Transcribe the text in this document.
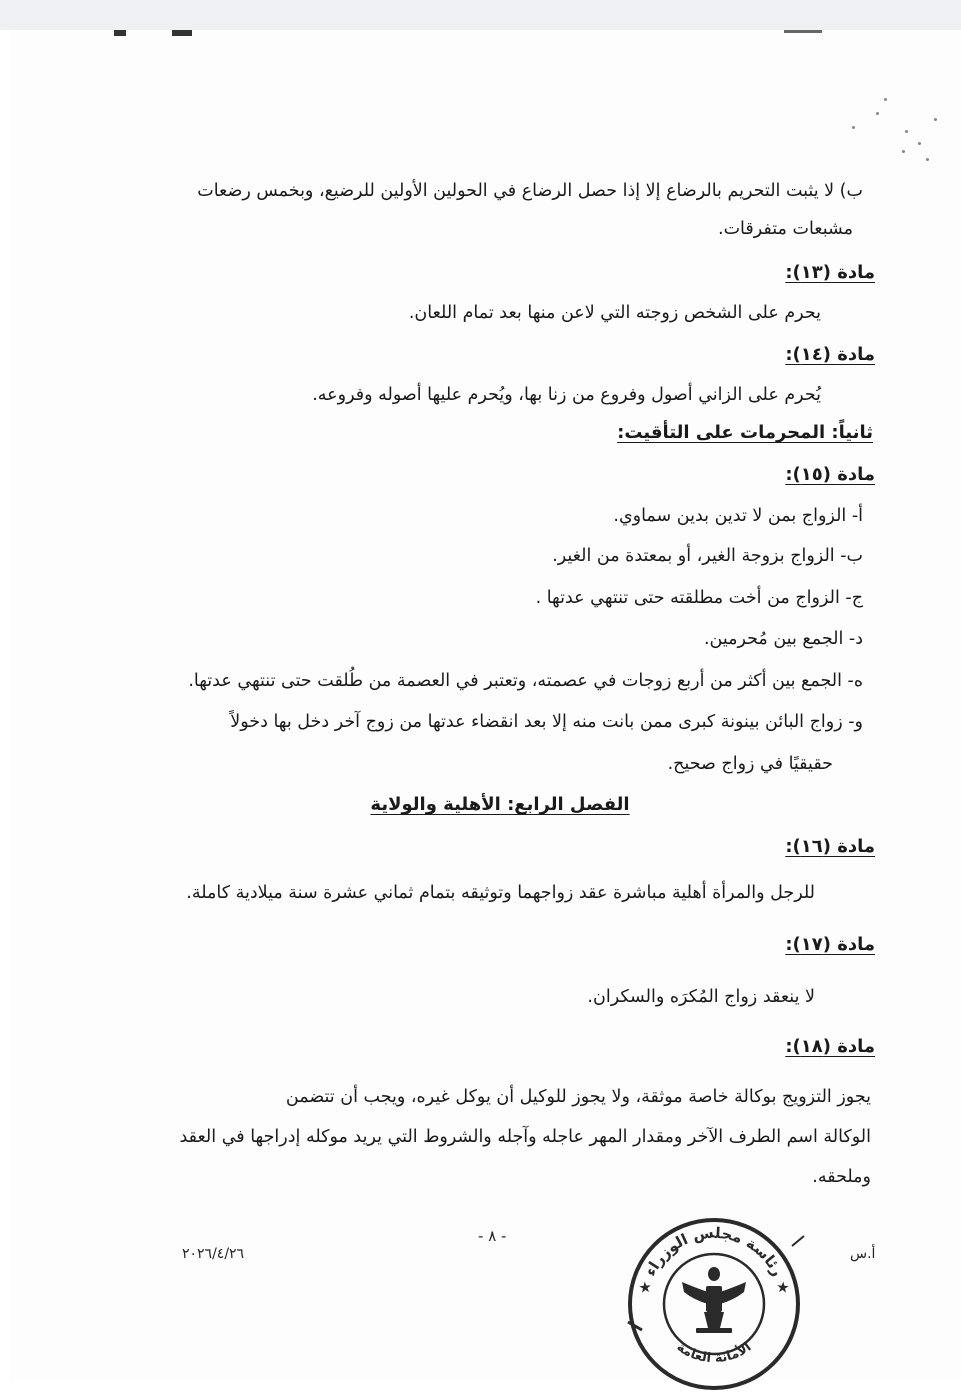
ب) لا يثبت التحريم بالرضاع إلا إذا حصل الرضاع في الحولين الأولين للرضيع، وبخمس رضعات

مشبعات متفرقات.

مادة (١٣):

يحرم على الشخص زوجته التي لاعن منها بعد تمام اللعان.

مادة (١٤):

يُحرم على الزاني أصول وفروع من زنا بها، ويُحرم عليها أصوله وفروعه.

ثانياً: المحرمات على التأقيت:

مادة (١٥):

أ- الزواج بمن لا تدين بدين سماوي.

ب- الزواج بزوجة الغير، أو بمعتدة من الغير.

ج- الزواج من أخت مطلقته حتى تنتهي عدتها .

د- الجمع بين مُحرمين.

ه- الجمع بين أكثر من أربع زوجات في عصمته، وتعتبر في العصمة من طُلقت حتى تنتهي عدتها.

و- زواج البائن بينونة كبرى ممن بانت منه إلا بعد انقضاء عدتها من زوج آخر دخل بها دخولاً

حقيقيًا في زواج صحيح.

الفصل الرابع: الأهلية والولاية

مادة (١٦):

للرجل والمرأة أهلية مباشرة عقد زواجهما وتوثيقه بتمام ثماني عشرة سنة ميلادية كاملة.

مادة (١٧):

لا ينعقد زواج المُكرَه والسكران.

مادة (١٨):

يجوز التزويج بوكالة خاصة موثقة، ولا يجوز للوكيل أن يوكل غيره، ويجب أن تتضمن

الوكالة اسم الطرف الآخر ومقدار المهر عاجله وآجله والشروط التي يريد موكله إدراجها في العقد

وملحقه.

- ٨ -
٢٠٢٦/٤/٢٦	أ.س
★ رئاسة مجلس الوزراء ★
الأمانة العامة
